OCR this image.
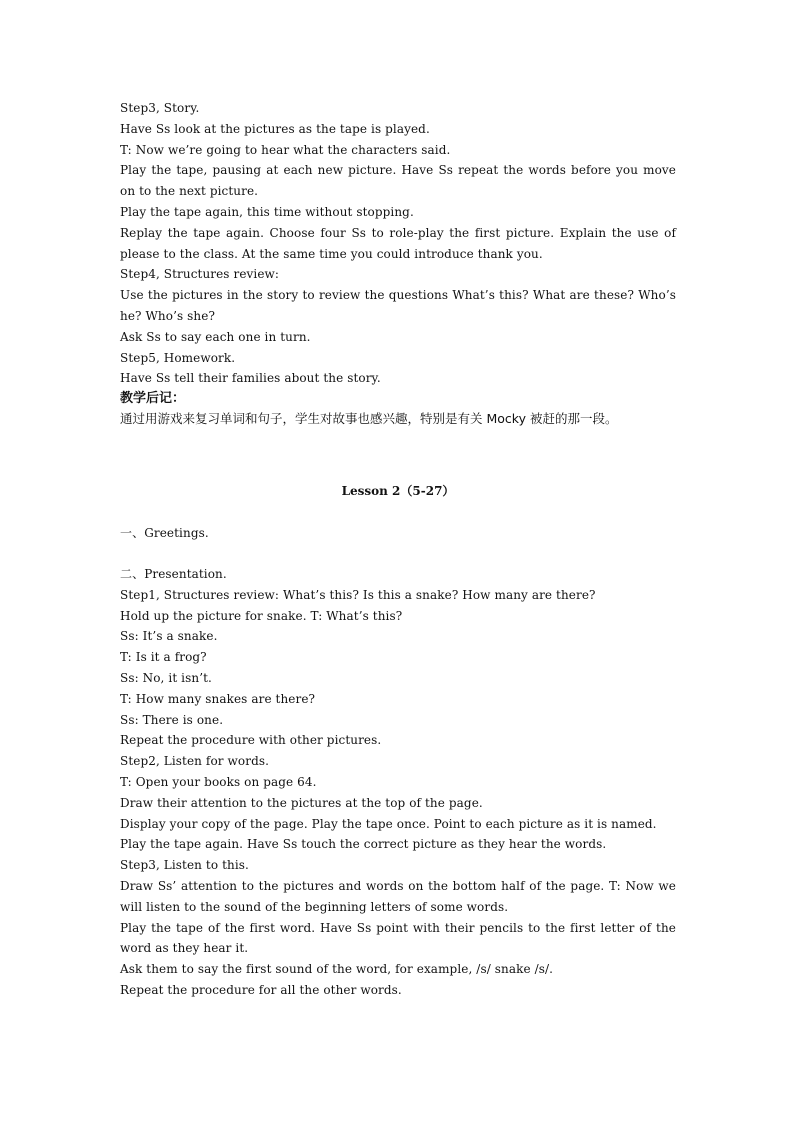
Step3, Story.
Have Ss look at the pictures as the tape is played.
T: Now we’re going to hear what the characters said.
Play the tape, pausing at each new picture. Have Ss repeat the words before you move on to the next picture.
Play the tape again, this time without stopping.
Replay the tape again. Choose four Ss to role-play the first picture. Explain the use of please to the class. At the same time you could introduce thank you.
Step4, Structures review:
Use the pictures in the story to review the questions What’s this? What are these? Who’s he? Who’s she?
Ask Ss to say each one in turn.
Step5, Homework.
Have Ss tell their families about the story.
教学后记：
通过用游戏来复习单词和句子，学生对故事也感兴趣，特别是有关 Mocky 被赶的那一段。
Lesson 2（5-27）
一、Greetings.
二、Presentation.
Step1, Structures review: What’s this? Is this a snake? How many are there?
Hold up the picture for snake. T: What’s this?
Ss: It’s a snake.
T: Is it a frog?
Ss: No, it isn’t.
T: How many snakes are there?
Ss: There is one.
Repeat the procedure with other pictures.
Step2, Listen for words.
T: Open your books on page 64.
Draw their attention to the pictures at the top of the page.
Display your copy of the page. Play the tape once. Point to each picture as it is named.
Play the tape again. Have Ss touch the correct picture as they hear the words.
Step3, Listen to this.
Draw Ss’ attention to the pictures and words on the bottom half of the page. T: Now we will listen to the sound of the beginning letters of some words.
Play the tape of the first word. Have Ss point with their pencils to the first letter of the word as they hear it.
Ask them to say the first sound of the word, for example, /s/ snake /s/.
Repeat the procedure for all the other words.
